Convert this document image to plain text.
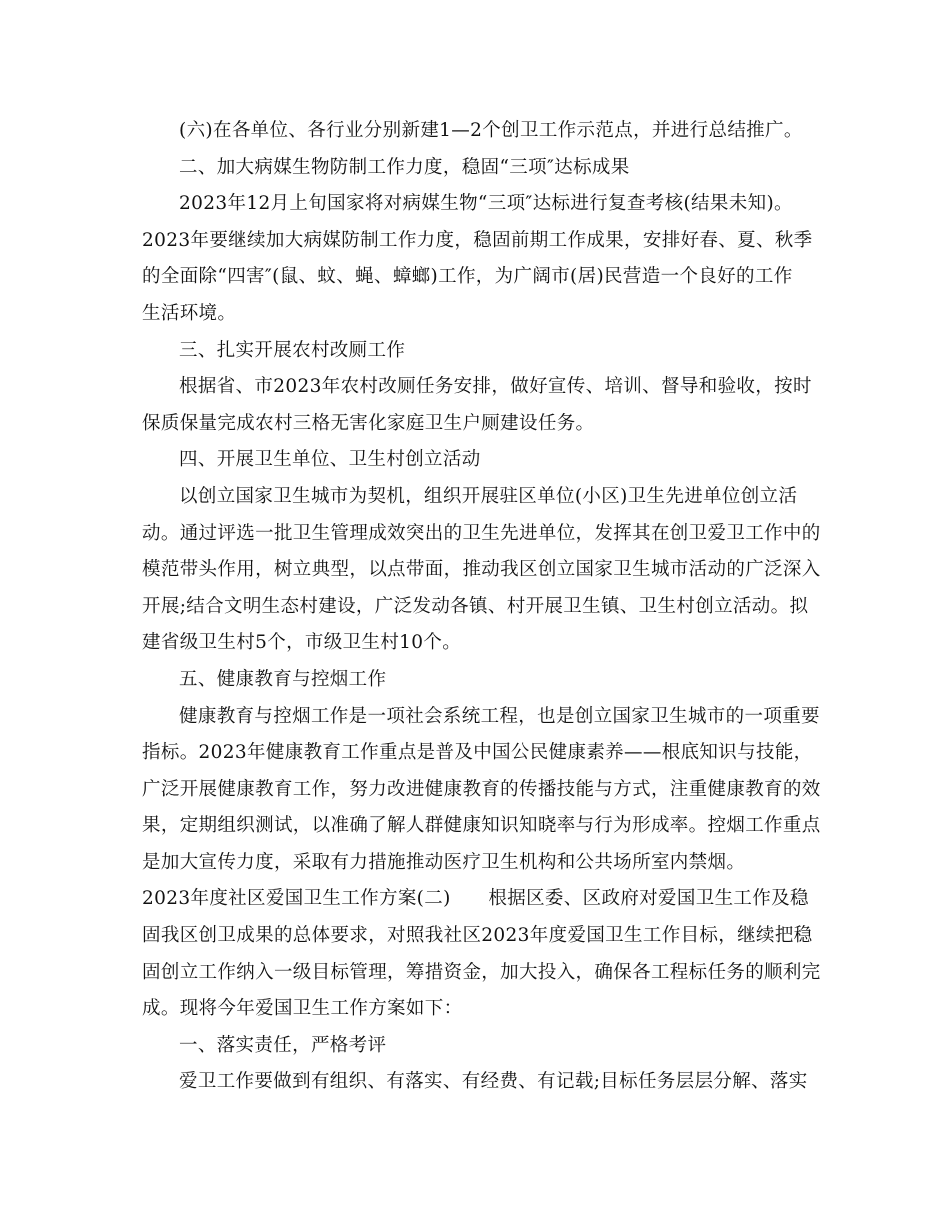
(六)在各单位、各行业分别新建1—2个创卫工作示范点，并进行总结推广。
二、加大病媒生物防制工作力度，稳固“三项″达标成果
2023年12月上旬国家将对病媒生物“三项″达标进行复查考核(结果未知)。
2023年要继续加大病媒防制工作力度，稳固前期工作成果，安排好春、夏、秋季
的全面除“四害″(鼠、蚊、蝇、蟑螂)工作，为广阔市(居)民营造一个良好的工作
生活环境。
三、扎实开展农村改厕工作
根据省、市2023年农村改厕任务安排，做好宣传、培训、督导和验收，按时
保质保量完成农村三格无害化家庭卫生户厕建设任务。
四、开展卫生单位、卫生村创立活动
以创立国家卫生城市为契机，组织开展驻区单位(小区)卫生先进单位创立活
动。通过评选一批卫生管理成效突出的卫生先进单位，发挥其在创卫爱卫工作中的
模范带头作用，树立典型，以点带面，推动我区创立国家卫生城市活动的广泛深入
开展;结合文明生态村建设，广泛发动各镇、村开展卫生镇、卫生村创立活动。拟
建省级卫生村5个，市级卫生村10个。
五、健康教育与控烟工作
健康教育与控烟工作是一项社会系统工程，也是创立国家卫生城市的一项重要
指标。2023年健康教育工作重点是普及中国公民健康素养——根底知识与技能，
广泛开展健康教育工作，努力改进健康教育的传播技能与方式，注重健康教育的效
果，定期组织测试，以准确了解人群健康知识知晓率与行为形成率。控烟工作重点
是加大宣传力度，采取有力措施推动医疗卫生机构和公共场所室内禁烟。
2023年度社区爱国卫生工作方案(二)　　根据区委、区政府对爱国卫生工作及稳
固我区创卫成果的总体要求，对照我社区2023年度爱国卫生工作目标，继续把稳
固创立工作纳入一级目标管理，筹措资金，加大投入，确保各工程标任务的顺利完
成。现将今年爱国卫生工作方案如下：
一、落实责任，严格考评
爱卫工作要做到有组织、有落实、有经费、有记载;目标任务层层分解、落实
